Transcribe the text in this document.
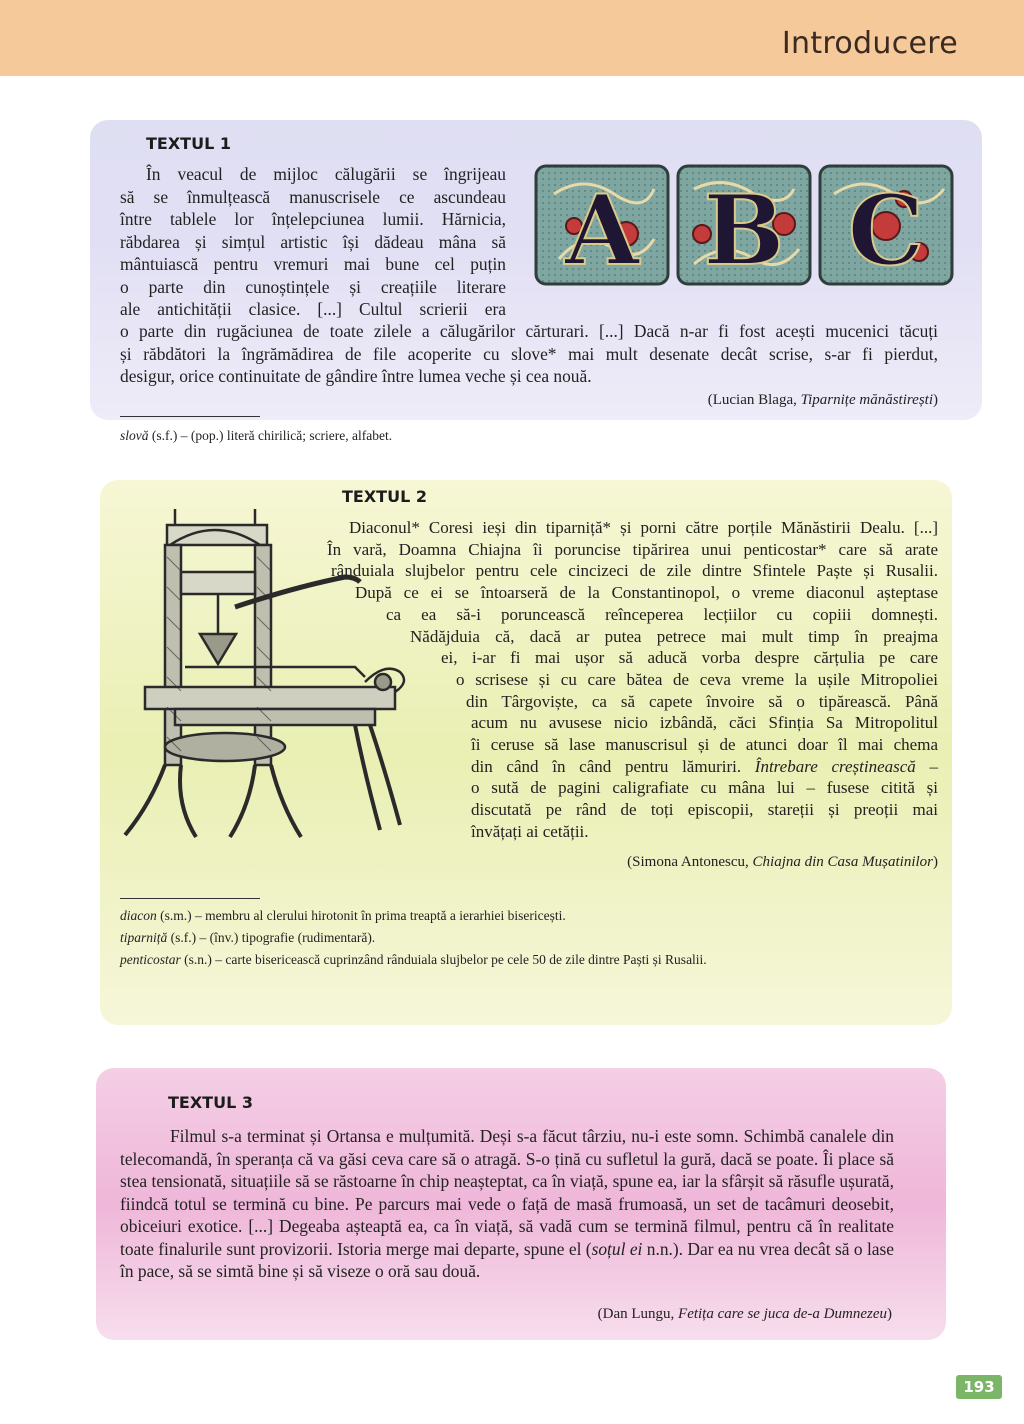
Introducere
TEXTUL 1
În veacul de mijloc călugării se îngrijeau
să se înmulțească manuscrisele ce ascundeau
între tablele lor înțelepciunea lumii. Hărnicia,
răbdarea și simțul artistic își dădeau mâna să
mântuiască pentru vremuri mai bune cel puțin
o parte din cunoștințele și creațiile literare
ale antichității clasice. [...] Cultul scrierii era
o parte din rugăciunea de toate zilele a călugărilor cărturari. [...] Dacă n-ar fi fost acești mucenici tăcuți
și răbdători la îngrămădirea de file acoperite cu slove* mai mult desenate decât scrise, s-ar fi pierdut,
desigur, orice continuitate de gândire între lumea veche și cea nouă.
(Lucian Blaga, Tiparnițe mănăstirești)
slovă (s.f.) – (pop.) literă chirilică; scriere, alfabet.
A B C
TEXTUL 2
Diaconul* Coresi ieși din tiparniță* și porni către porțile Mănăstirii Dealu. [...]
În vară, Doamna Chiajna îi poruncise tipărirea unui penticostar* care să arate
rânduiala slujbelor pentru cele cincizeci de zile dintre Sfintele Paște și Rusalii.
După ce ei se întoarseră de la Constantinopol, o vreme diaconul așteptase
ca ea să-i poruncească reînceperea lecțiilor cu copiii domnești.
Nădăjduia că, dacă ar putea petrece mai mult timp în preajma
ei, i-ar fi mai ușor să aducă vorba despre cărțulia pe care
o scrisese și cu care bătea de ceva vreme la ușile Mitropoliei
din Târgoviște, ca să capete învoire să o tipărească. Până
acum nu avusese nicio izbândă, căci Sfinția Sa Mitropolitul
îi ceruse să lase manuscrisul și de atunci doar îl mai chema
din când în când pentru lămuriri. Întrebare creștinească –
o sută de pagini caligrafiate cu mâna lui – fusese citită și
discutată pe rând de toți episcopii, stareții și preoții mai
învățați ai cetății.
(Simona Antonescu, Chiajna din Casa Mușatinilor)
diacon (s.m.) – membru al clerului hirotonit în prima treaptă a ierarhiei bisericești.
tiparniță (s.f.) – (înv.) tipografie (rudimentară).
penticostar (s.n.) – carte bisericească cuprinzând rânduiala slujbelor pe cele 50 de zile dintre Paști și Rusalii.
TEXTUL 3
Filmul s-a terminat și Ortansa e mulțumită. Deși s-a făcut târziu, nu-i este somn. Schimbă canalele din telecomandă, în speranța că va găsi ceva care să o atragă. S-o țină cu sufletul la gură, dacă se poate. Îi place să stea tensionată, situațiile să se răstoarne în chip neașteptat, ca în viață, spune ea, iar la sfârșit să răsufle ușurată, fiindcă totul se termină cu bine. Pe parcurs mai vede o față de masă frumoasă, un set de tacâmuri deosebit, obiceiuri exotice. [...] Degeaba așteaptă ea, ca în viață, să vadă cum se termină filmul, pentru că în realitate toate finalurile sunt provizorii. Istoria merge mai departe, spune el (soțul ei n.n.). Dar ea nu vrea decât să o lase în pace, să se simtă bine și să viseze o oră sau două.
(Dan Lungu, Fetița care se juca de-a Dumnezeu)
193
